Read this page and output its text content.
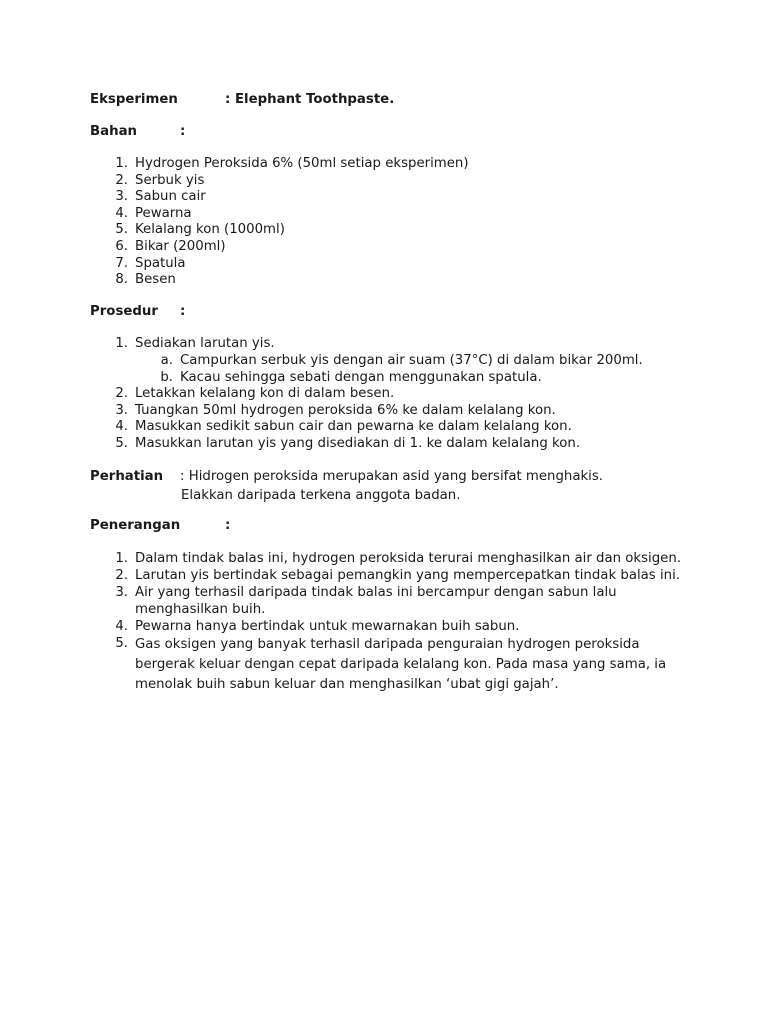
Eksperimen	: Elephant Toothpaste.
Bahan	:
1. Hydrogen Peroksida 6% (50ml setiap eksperimen)
2. Serbuk yis
3. Sabun cair
4. Pewarna
5. Kelalang kon (1000ml)
6. Bikar (200ml)
7. Spatula
8. Besen
Prosedur :
1. Sediakan larutan yis.
a. Campurkan serbuk yis dengan air suam (37°C) di dalam bikar 200ml.
b. Kacau sehingga sebati dengan menggunakan spatula.
2. Letakkan kelalang kon di dalam besen.
3. Tuangkan 50ml hydrogen peroksida 6% ke dalam kelalang kon.
4. Masukkan sedikit sabun cair dan pewarna ke dalam kelalang kon.
5. Masukkan larutan yis yang disediakan di 1. ke dalam kelalang kon.
Perhatian : Hidrogen peroksida merupakan asid yang bersifat menghakis.
Elakkan daripada terkena anggota badan.
Penerangan	:
1. Dalam tindak balas ini, hydrogen peroksida terurai menghasilkan air dan oksigen.
2. Larutan yis bertindak sebagai pemangkin yang mempercepatkan tindak balas ini.
3. Air yang terhasil daripada tindak balas ini bercampur dengan sabun lalu menghasilkan buih.
4. Pewarna hanya bertindak untuk mewarnakan buih sabun.
5. Gas oksigen yang banyak terhasil daripada penguraian hydrogen peroksida bergerak keluar dengan cepat daripada kelalang kon. Pada masa yang sama, ia menolak buih sabun keluar dan menghasilkan ‘ubat gigi gajah’.
